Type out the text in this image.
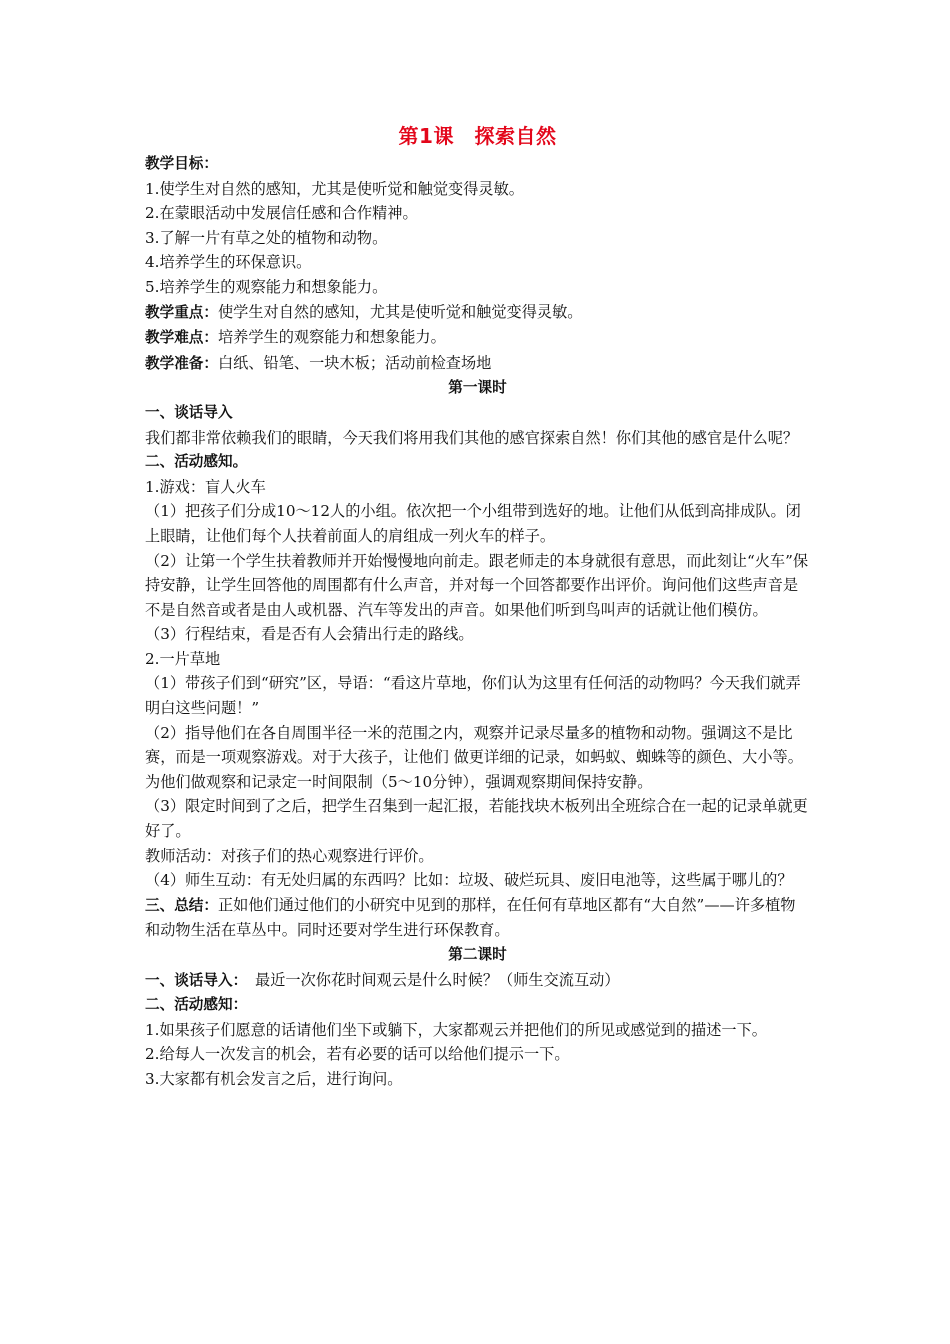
第1课　探索自然

教学目标：

1.使学生对自然的感知，尤其是使听觉和触觉变得灵敏。

2.在蒙眼活动中发展信任感和合作精神。

3.了解一片有草之处的植物和动物。

4.培养学生的环保意识。

5.培养学生的观察能力和想象能力。

教学重点：使学生对自然的感知，尤其是使听觉和触觉变得灵敏。

教学难点：培养学生的观察能力和想象能力。

教学准备：白纸、铅笔、一块木板；活动前检查场地

第一课时

一、谈话导入

我们都非常依赖我们的眼睛，今天我们将用我们其他的感官探索自然！你们其他的感官是什么呢？

二、活动感知。

1.游戏：盲人火车

（1）把孩子们分成10～12人的小组。依次把一个小组带到选好的地。让他们从低到高排成队。闭上眼睛，让他们每个人扶着前面人的肩组成一列火车的样子。

（2）让第一个学生扶着教师并开始慢慢地向前走。跟老师走的本身就很有意思，而此刻让“火车”保持安静，让学生回答他的周围都有什么声音，并对每一个回答都要作出评价。询问他们这些声音是不是自然音或者是由人或机器、汽车等发出的声音。如果他们听到鸟叫声的话就让他们模仿。

（3）行程结束，看是否有人会猜出行走的路线。

2.一片草地

（1）带孩子们到“研究”区，导语：“看这片草地，你们认为这里有任何活的动物吗？今天我们就弄明白这些问题！”

（2）指导他们在各自周围半径一米的范围之内，观察并记录尽量多的植物和动物。强调这不是比赛，而是一项观察游戏。对于大孩子，让他们 做更详细的记录，如蚂蚁、蜘蛛等的颜色、大小等。为他们做观察和记录定一时间限制（5～10分钟），强调观察期间保持安静。

（3）限定时间到了之后，把学生召集到一起汇报，若能找块木板列出全班综合在一起的记录单就更好了。

教师活动：对孩子们的热心观察进行评价。

（4）师生互动：有无处归属的东西吗？比如：垃圾、破烂玩具、废旧电池等，这些属于哪儿的？

三、总结：正如他们通过他们的小研究中见到的那样，在任何有草地区都有“大自然”——许多植物和动物生活在草丛中。同时还要对学生进行环保教育。

第二课时

一、谈话导入：　最近一次你花时间观云是什么时候？（师生交流互动）

二、活动感知：

1.如果孩子们愿意的话请他们坐下或躺下，大家都观云并把他们的所见或感觉到的描述一下。

2.给每人一次发言的机会，若有必要的话可以给他们提示一下。

3.大家都有机会发言之后，进行询问。
